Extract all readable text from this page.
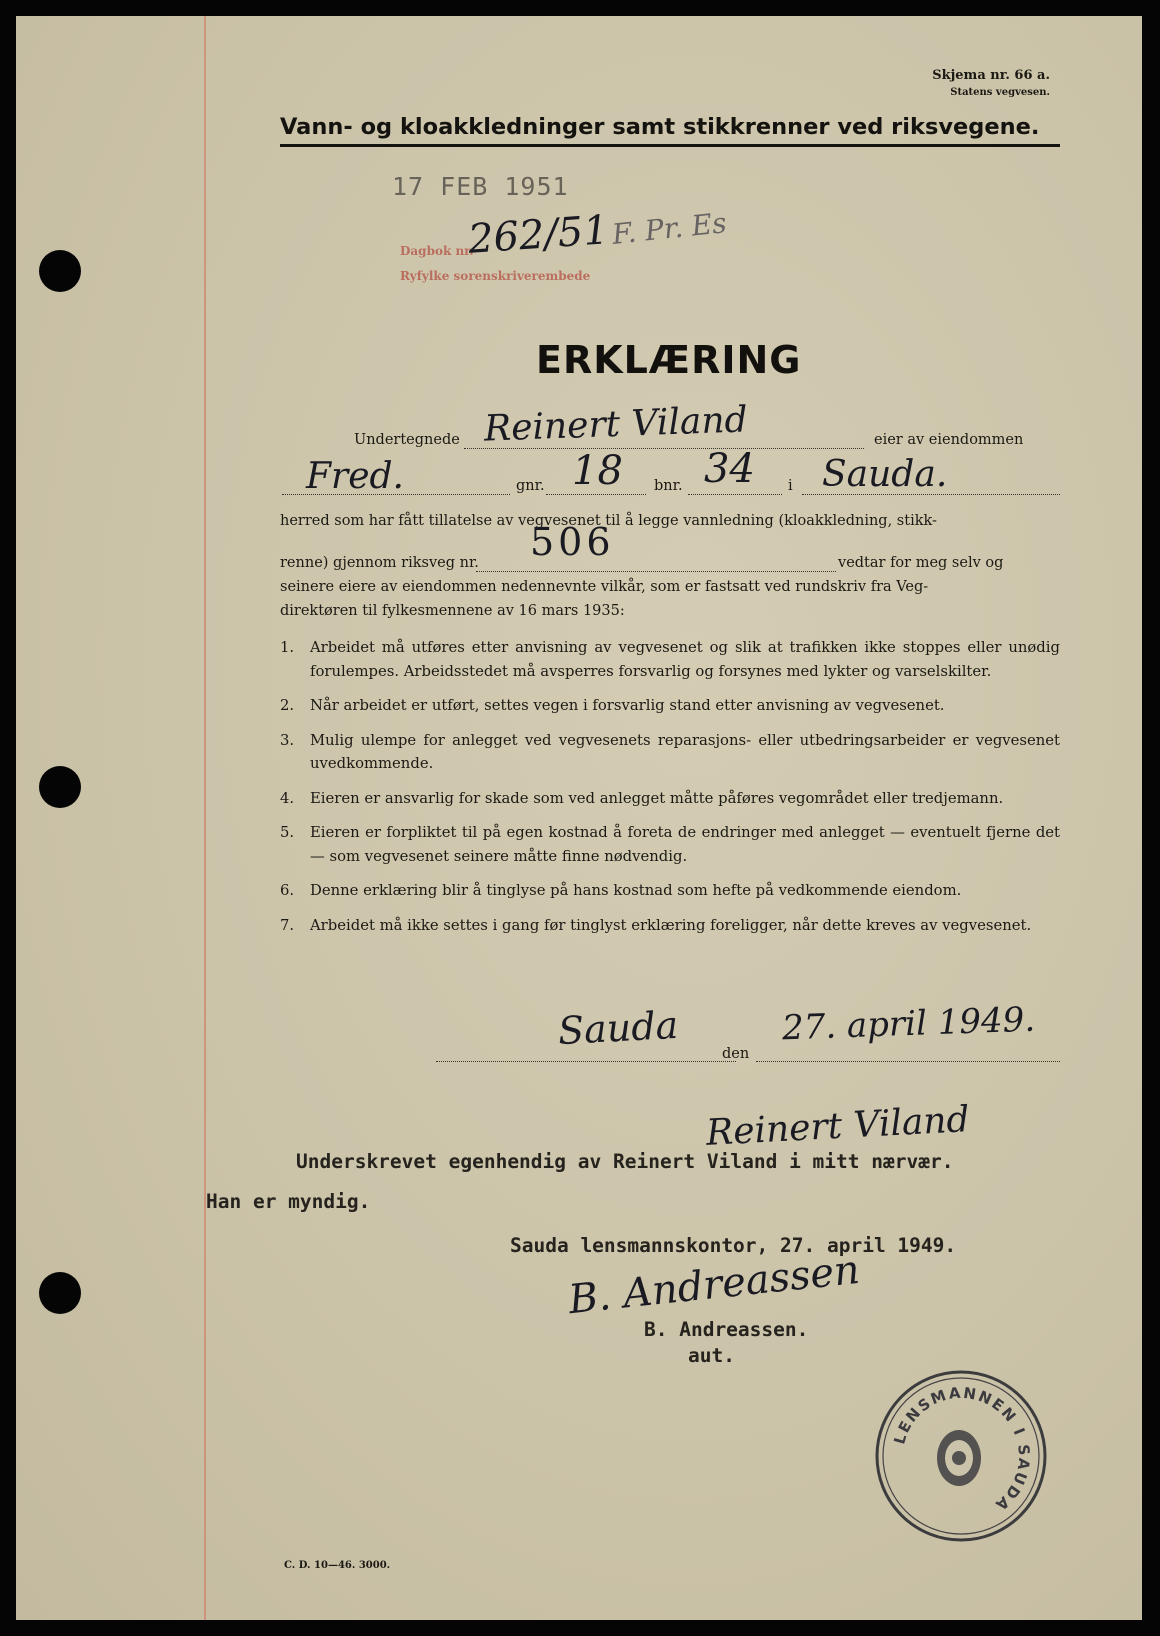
Skjema nr. 66 a.
Statens vegvesen.
Vann- og kloakkledninger samt stikkrenner ved riksvegene.
17 FEB 1951
Dagbok nr.
262/51 F. Pr. Es
Ryfylke sorenskriverembede
ERKLÆRING
Undertegnede Reinert Viland	eier av eiendommen
Fred.	gnr. 18 bnr. 34 i Sauda.
herred som har fått tillatelse av vegvesenet til å legge vannledning (kloakkledning, stikk-
renne) gjennom riksveg nr. 506	vedtar for meg selv og
seinere eiere av eiendommen nedennevnte vilkår, som er fastsatt ved rundskriv fra Veg-
direktøren til fylkesmennene av 16 mars 1935:
1.	Arbeidet må utføres etter anvisning av vegvesenet og slik at trafikken ikke stoppes eller unødig forulempes. Arbeidsstedet må avsperres forsvarlig og forsynes med lykter og varselskilter.
2.	Når arbeidet er utført, settes vegen i forsvarlig stand etter anvisning av vegvesenet.
3.	Mulig ulempe for anlegget ved vegvesenets reparasjons- eller utbedringsarbeider er vegvesenet uvedkommende.
4.	Eieren er ansvarlig for skade som ved anlegget måtte påføres vegområdet eller tredjemann.
5.	Eieren er forpliktet til på egen kostnad å foreta de endringer med anlegget — eventuelt fjerne det — som vegvesenet seinere måtte finne nødvendig.
6.	Denne erklæring blir å tinglyse på hans kostnad som hefte på vedkommende eiendom.
7.	Arbeidet må ikke settes i gang før tinglyst erklæring foreligger, når dette kreves av vegvesenet.
Sauda
den
27. april 1949.
Reinert Viland
Underskrevet egenhendig av Reinert Viland i mitt nærvær.
Han er myndig.
Sauda lensmannskontor, 27. april 1949.
B. Andreassen
B. Andreassen.
aut.
LENSMANNEN I SAUDA
C. D. 10—46. 3000.
